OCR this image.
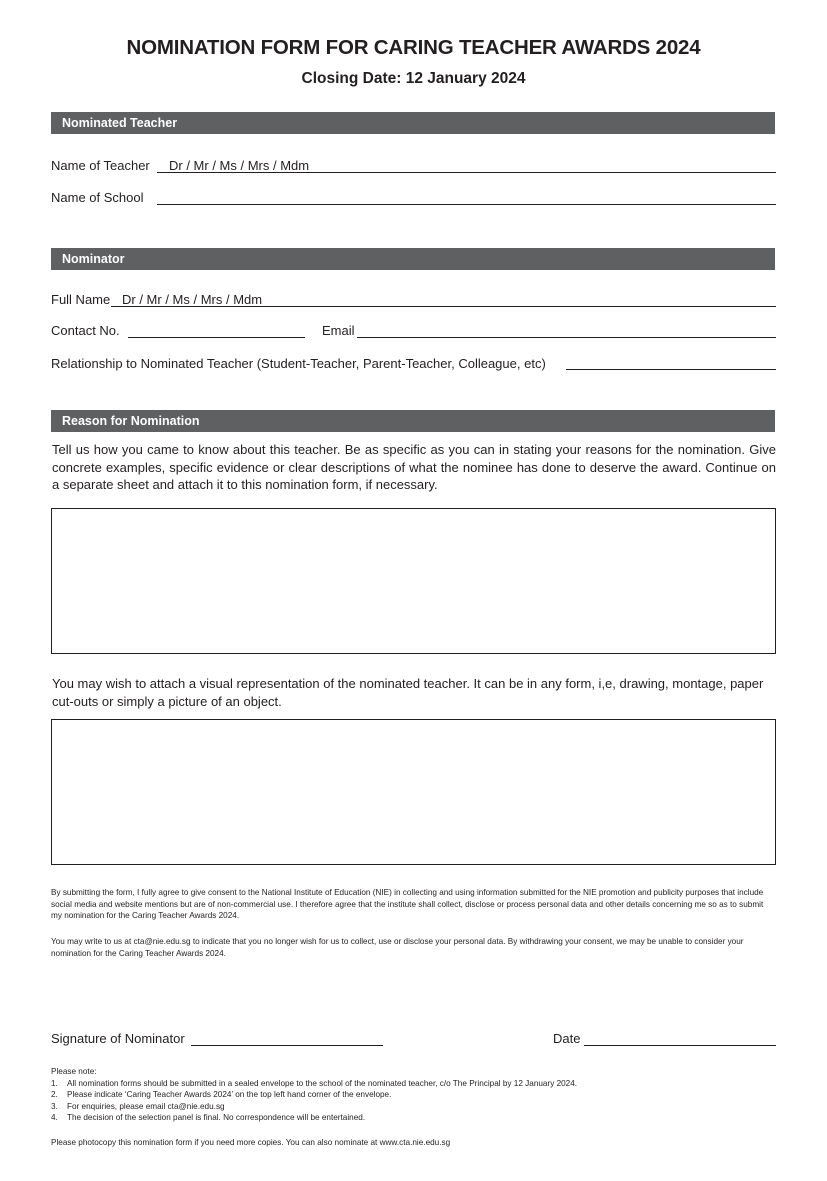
NOMINATION FORM FOR CARING TEACHER AWARDS 2024
Closing Date: 12 January 2024
Nominated Teacher
Name of Teacher Dr / Mr / Ms / Mrs / Mdm
Name of School
Nominator
Full Name Dr / Mr / Ms / Mrs / Mdm
Contact No.	Email
Relationship to Nominated Teacher (Student-Teacher, Parent-Teacher, Colleague, etc)
Reason for Nomination
Tell us how you came to know about this teacher. Be as specific as you can in stating your reasons for the nomination. Give concrete examples, specific evidence or clear descriptions of what the nominee has done to deserve the award. Continue on a separate sheet and attach it to this nomination form, if necessary.
You may wish to attach a visual representation of the nominated teacher. It can be in any form, i,e, drawing, montage, paper cut-outs or simply a picture of an object.
By submitting the form, I fully agree to give consent to the National Institute of Education (NIE) in collecting and using information submitted for the NIE promotion and publicity purposes that include social media and website mentions but are of non-commercial use. I therefore agree that the institute shall collect, disclose or process personal data and other details concerning me so as to submit my nomination for the Caring Teacher Awards 2024.
You may write to us at cta@nie.edu.sg to indicate that you no longer wish for us to collect, use or disclose your personal data. By withdrawing your consent, we may be unable to consider your nomination for the Caring Teacher Awards 2024.
Signature of Nominator	Date
Please note:
1.	All nomination forms should be submitted in a sealed envelope to the school of the nominated teacher, c/o The Principal by 12 January 2024.
2.	Please indicate ‘Caring Teacher Awards 2024’ on the top left hand corner of the envelope.
3.	For enquiries, please email cta@nie.edu.sg
4.	The decision of the selection panel is final. No correspondence will be entertained.
Please photocopy this nomination form if you need more copies. You can also nominate at www.cta.nie.edu.sg
